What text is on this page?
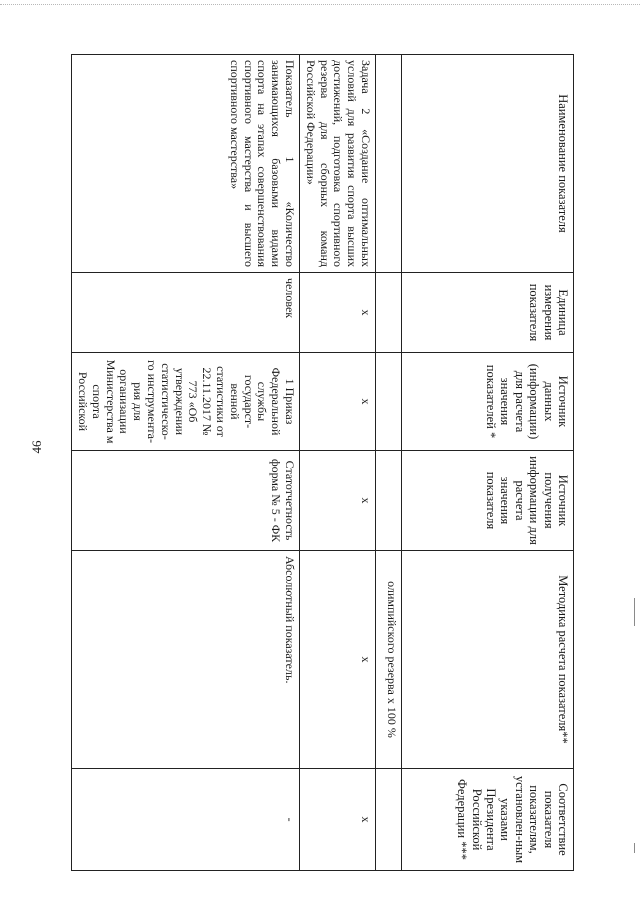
46
Наименование показателя	Единица измерения показателя	Источник данных (информации) для расчета значения показателей *	Источник получения информации для расчета значения показателя	Методика расчета показателя**	Соответствие показателя показателям, установлен-ным указами Президента Российской Федерации ***
				олимпийского резерва х 100 %	
Задача 2 «Создание оптимальных условий для развития спорта высших достижений, подготовка спортивного резерва для сборных команд Российской Федерации»	х	х	х	х	х
Показатель 1 «Количество занимающихся базовыми видами спорта на этапах совершенствования спортивного мастерства и высшего спортивного мастерства»	человек	1 Приказ Федеральной службы государст-венной статистики от 22.11.2017 № 773 «Об утверждении статистическо-го инструмента-рия для организации Министерства м спорта Российской	Статотчетность форма № 5 - ФК	Абсолютный показатель.	-
